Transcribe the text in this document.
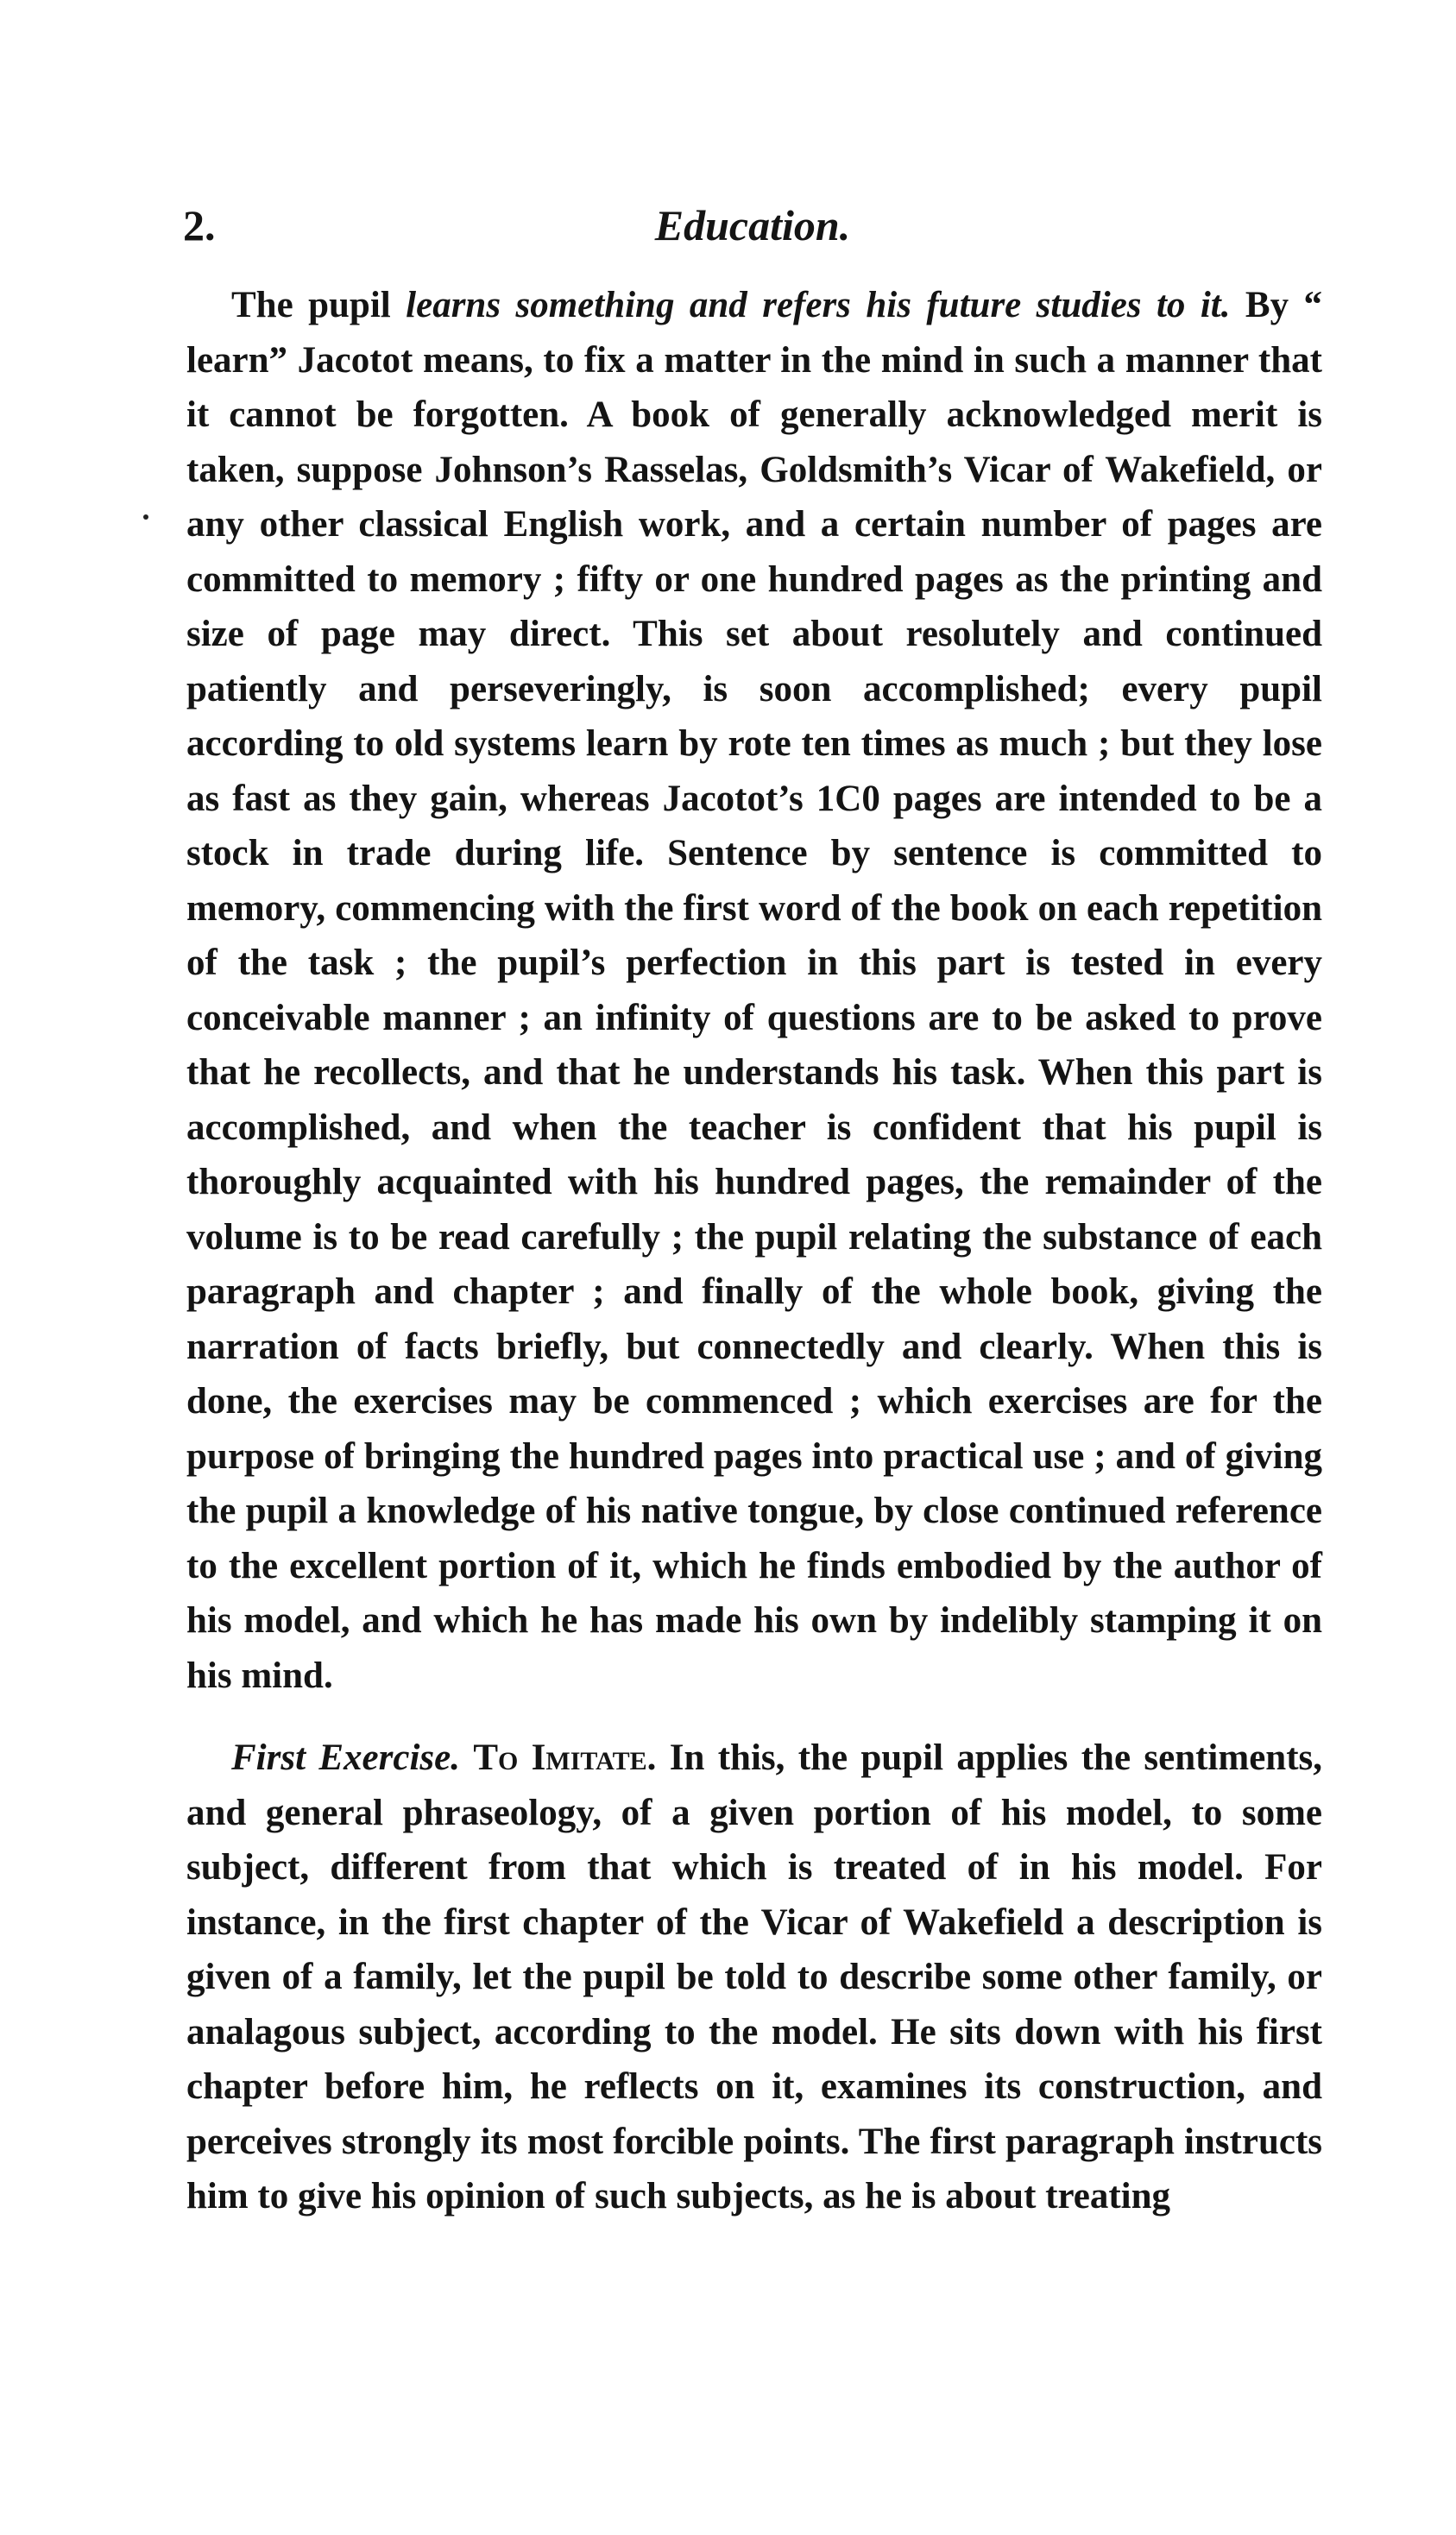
2.	Education.

The pupil learns something and refers his future studies to it. By “ learn” Jacotot means, to fix a matter in the mind in such a manner that it cannot be forgotten. A book of generally acknowledged merit is taken, suppose Johnson’s Rasselas, Goldsmith’s Vicar of Wakefield, or any other classical English work, and a certain number of pages are committed to memory ; fifty or one hundred pages as the printing and size of page may direct. This set about resolutely and continued patiently and perseveringly, is soon accomplished; every pupil according to old systems learn by rote ten times as much ; but they lose as fast as they gain, whereas Jacotot’s 1C0 pages are intended to be a stock in trade during life. Sentence by sentence is committed to memory, commencing with the first word of the book on each repetition of the task ; the pupil’s perfection in this part is tested in every conceivable manner ; an infinity of questions are to be asked to prove that he recollects, and that he understands his task. When this part is accomplished, and when the teacher is confident that his pupil is thoroughly acquainted with his hundred pages, the remainder of the volume is to be read carefully ; the pupil relating the substance of each paragraph and chapter ; and finally of the whole book, giving the narration of facts briefly, but connectedly and clearly. When this is done, the exercises may be commenced ; which exercises are for the purpose of bringing the hundred pages into practical use ; and of giving the pupil a knowledge of his native tongue, by close continued reference to the excellent portion of it, which he finds embodied by the author of his model, and which he has made his own by indelibly stamping it on his mind.

First Exercise. To Imitate. In this, the pupil applies the sentiments, and general phraseology, of a given portion of his model, to some subject, different from that which is treated of in his model. For instance, in the first chapter of the Vicar of Wakefield a description is given of a family, let the pupil be told to describe some other family, or analagous subject, according to the model. He sits down with his first chapter before him, he reflects on it, examines its construction, and perceives strongly its most forcible points. The first paragraph instructs him to give his opinion of such subjects, as he is about treating
